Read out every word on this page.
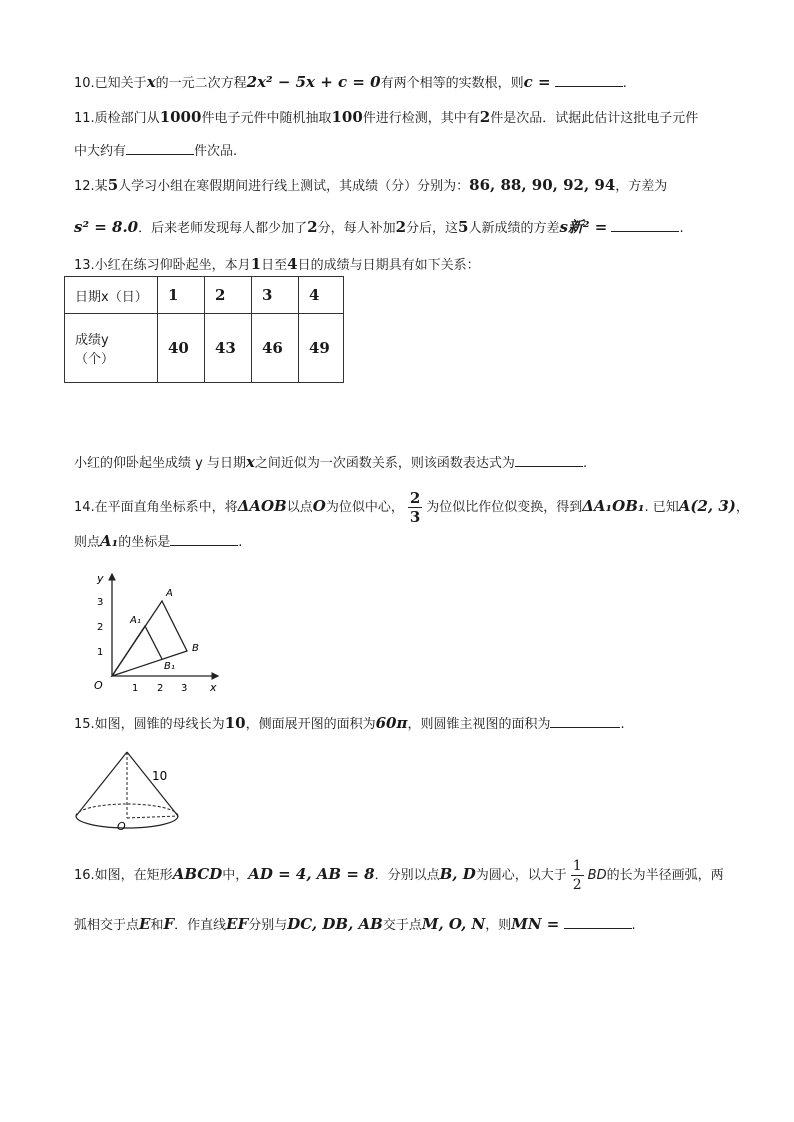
10.已知关于x的一元二次方程2x² − 5x + c = 0有两个相等的实数根，则c =	.
11.质检部门从1000件电子元件中随机抽取100件进行检测，其中有2件是次品．试据此估计这批电子元件
中大约有	件次品.
12.某5人学习小组在寒假期间进行线上测试，其成绩（分）分别为：86, 88, 90, 92, 94，方差为
s² = 8.0．后来老师发现每人都少加了2分，每人补加2分后，这5人新成绩的方差s新² =	.
13.小红在练习仰卧起坐，本月1日至4日的成绩与日期具有如下关系：
日期x（日）	1	2	3	4
成绩y
（个）	40	43	46	49
小红的仰卧起坐成绩 y 与日期x之间近似为一次函数关系，则该函数表达式为	.
14.在平面直角坐标系中，将ΔAOB以点O为位似中心， $\frac{2}{3}$ 为位似比作位似变换，得到ΔA₁OB₁. 已知A(2, 3)，
则点A₁的坐标是	.
y
x
O	1 2 3
1
2
3
A
A₁
B
B₁
15.如图，圆锥的母线长为10，侧面展开图的面积为60π，则圆锥主视图的面积为	.
10
O
16.如图，在矩形ABCD中，AD = 4, AB = 8．分别以点B, D为圆心，以大于 $\frac{1}{2}$ BD的长为半径画弧，两
弧相交于点E和F．作直线EF分别与DC, DB, AB交于点M, O, N，则MN =	.
